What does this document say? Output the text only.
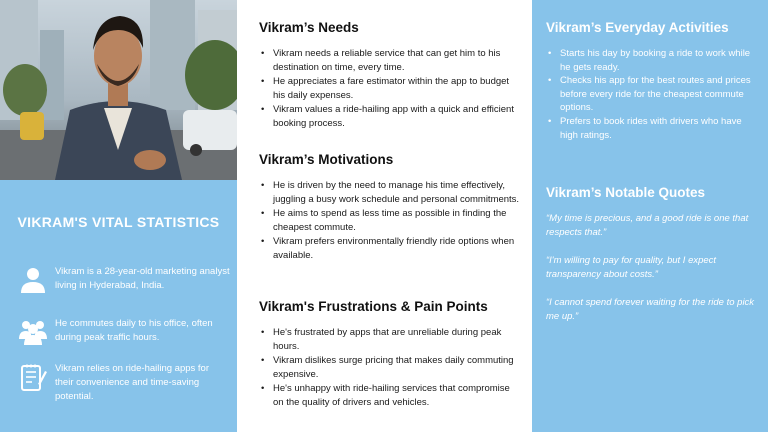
VIKRAM'S VITAL STATISTICS
Vikram is a 28-year-old marketing analyst living in Hyderabad, India.
He commutes daily to his office, often during peak traffic hours.
Vikram relies on ride-hailing apps for their convenience and time-saving potential.
Vikram’s Needs
• Vikram needs a reliable service that can get him to his destination on time, every time.
• He appreciates a fare estimator within the app to budget his daily expenses.
• Vikram values a ride-hailing app with a quick and efficient booking process.
Vikram’s Motivations
• He is driven by the need to manage his time effectively, juggling a busy work schedule and personal commitments.
• He aims to spend as less time as possible in finding the cheapest commute.
• Vikram prefers environmentally friendly ride options when available.
Vikram's Frustrations & Pain Points
• He's frustrated by apps that are unreliable during peak hours.
• Vikram dislikes surge pricing that makes daily commuting expensive.
• He's unhappy with ride-hailing services that compromise on the quality of drivers and vehicles.
Vikram’s Everyday Activities
• Starts his day by booking a ride to work while he gets ready.
• Checks his app for the best routes and prices before every ride for the cheapest commute options.
• Prefers to book rides with drivers who have high ratings.
Vikram’s Notable Quotes

“My time is precious, and a good ride is one that respects that.”

“I'm willing to pay for quality, but I expect transparency about costs.”

“I cannot spend forever waiting for the ride to pick me up.”
